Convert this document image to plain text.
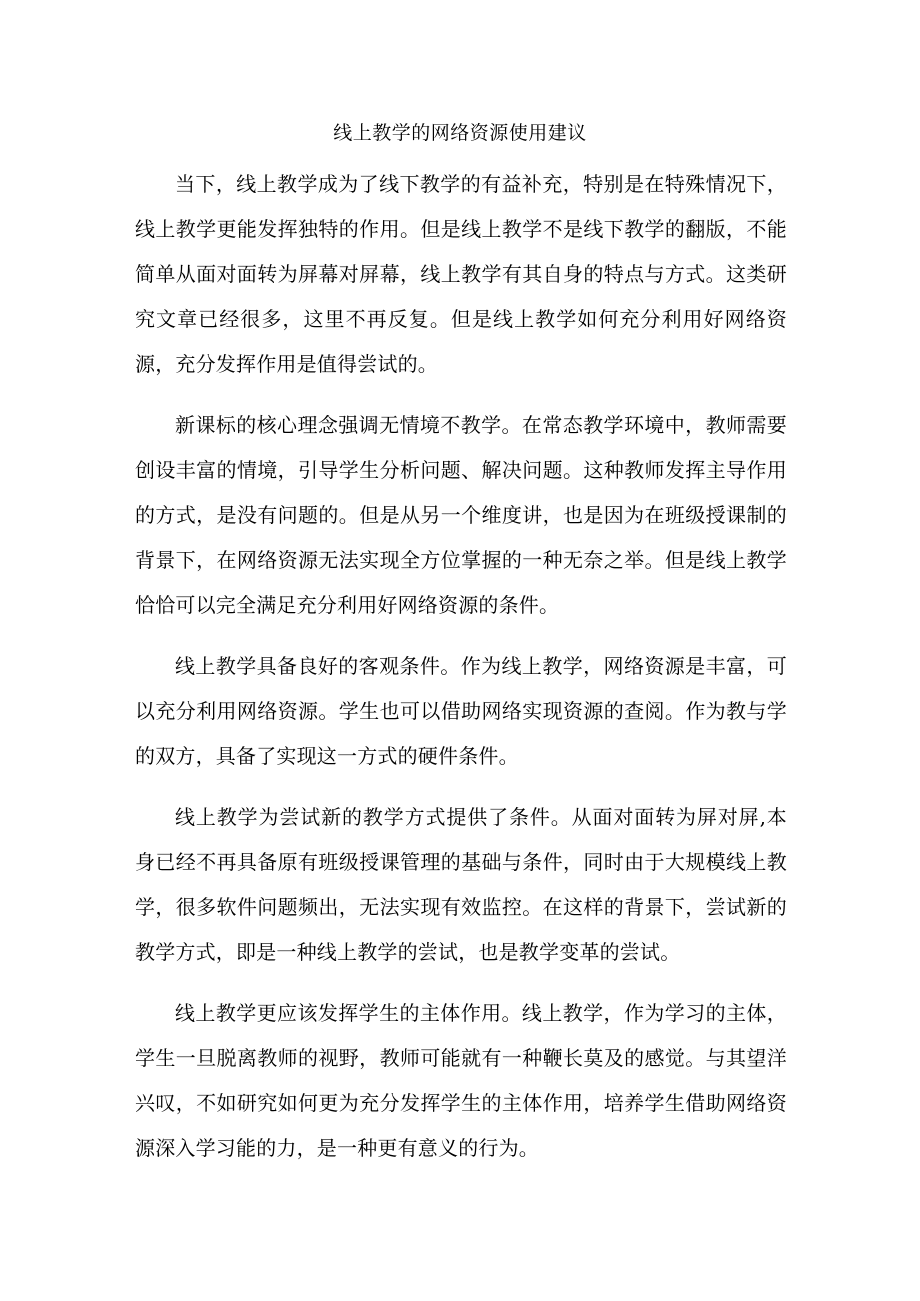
线上教学的网络资源使用建议

当下，线上教学成为了线下教学的有益补充，特别是在特殊情况下，线上教学更能发挥独特的作用。但是线上教学不是线下教学的翻版，不能简单从面对面转为屏幕对屏幕，线上教学有其自身的特点与方式。这类研究文章已经很多，这里不再反复。但是线上教学如何充分利用好网络资源，充分发挥作用是值得尝试的。

新课标的核心理念强调无情境不教学。在常态教学环境中，教师需要创设丰富的情境，引导学生分析问题、解决问题。这种教师发挥主导作用的方式，是没有问题的。但是从另一个维度讲，也是因为在班级授课制的背景下，在网络资源无法实现全方位掌握的一种无奈之举。但是线上教学恰恰可以完全满足充分利用好网络资源的条件。

线上教学具备良好的客观条件。作为线上教学，网络资源是丰富，可以充分利用网络资源。学生也可以借助网络实现资源的查阅。作为教与学的双方，具备了实现这一方式的硬件条件。

线上教学为尝试新的教学方式提供了条件。从面对面转为屏对屏,本身已经不再具备原有班级授课管理的基础与条件，同时由于大规模线上教学，很多软件问题频出，无法实现有效监控。在这样的背景下，尝试新的教学方式，即是一种线上教学的尝试，也是教学变革的尝试。

线上教学更应该发挥学生的主体作用。线上教学，作为学习的主体，学生一旦脱离教师的视野，教师可能就有一种鞭长莫及的感觉。与其望洋兴叹，不如研究如何更为充分发挥学生的主体作用，培养学生借助网络资源深入学习能的力，是一种更有意义的行为。
